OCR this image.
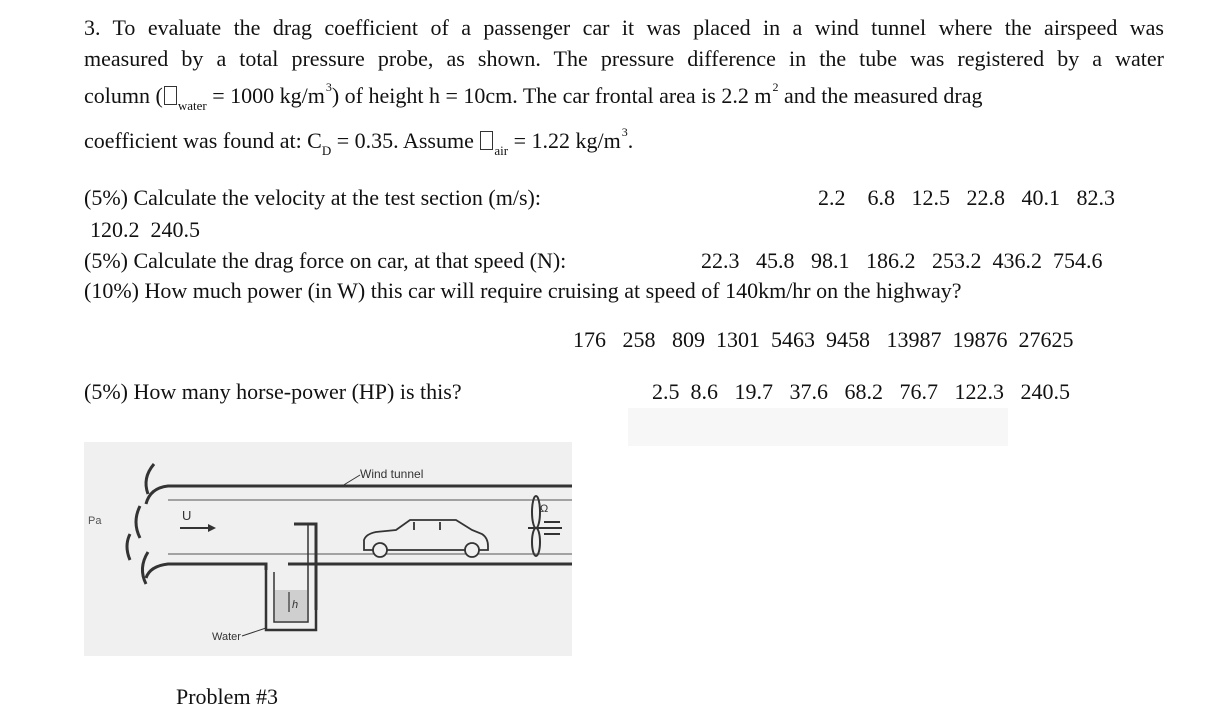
3. To evaluate the drag coefficient of a passenger car it was placed in a wind tunnel where the airspeed was
measured by a total pressure probe, as shown. The pressure difference in the tube was registered by a water
column ( $_{water}$ = 1000 $kg/m^3$) of height h = 10cm. The car frontal area is 2.2 $m^2$ and the measured drag
coefficient was found at: $C_D = 0.35$. Assume $_{air}$ = 1.22 $kg/m^3$.
(5%) Calculate the velocity at the test section (m/s):	2.2    6.8   12.5   22.8   40.1   82.3
120.2  240.5
(5%) Calculate the drag force on car, at that speed (N):	22.3   45.8   98.1   186.2   253.2  436.2  754.6
(10%) How much power (in W) this car will require cruising at speed of 140km/hr on the highway?
176   258   809  1301  5463  9458   13987  19876  27625
(5%) How many horse-power (HP) is this?	2.5  8.6   19.7   37.6   68.2   76.7   122.3   240.5
U
Pa
h
Water
Wind tunnel
Ω
Problem #3
